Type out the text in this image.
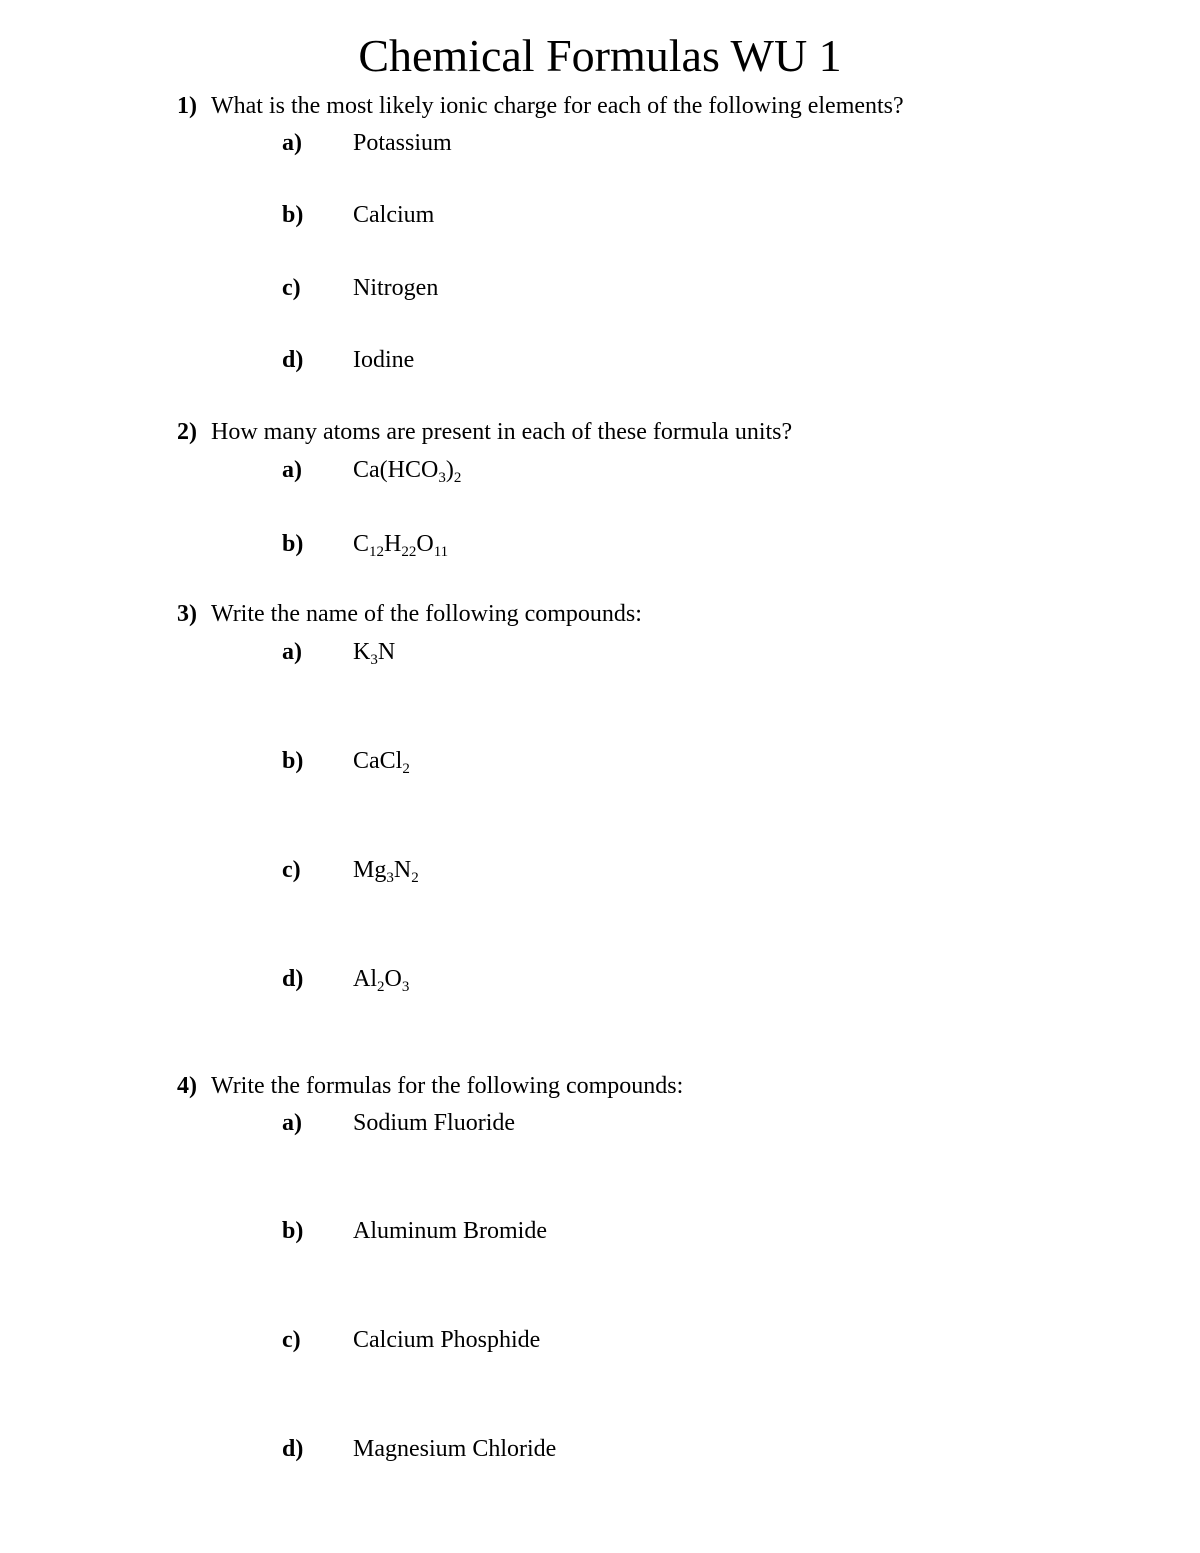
Chemical Formulas WU 1
1) What is the most likely ionic charge for each of the following elements?
a) Potassium
b) Calcium
c) Nitrogen
d) Iodine
2) How many atoms are present in each of these formula units?
a) $Ca(HCO_3)_2$
b) $C_{12}H_{22}O_{11}$
3) Write the name of the following compounds:
a) $K_3N$
b) CaCl$_2$
c) $Mg_3N_2$
d) $Al_2O_3$
4) Write the formulas for the following compounds:
a) Sodium Fluoride
b) Aluminum Bromide
c) Calcium Phosphide
d) Magnesium Chloride
